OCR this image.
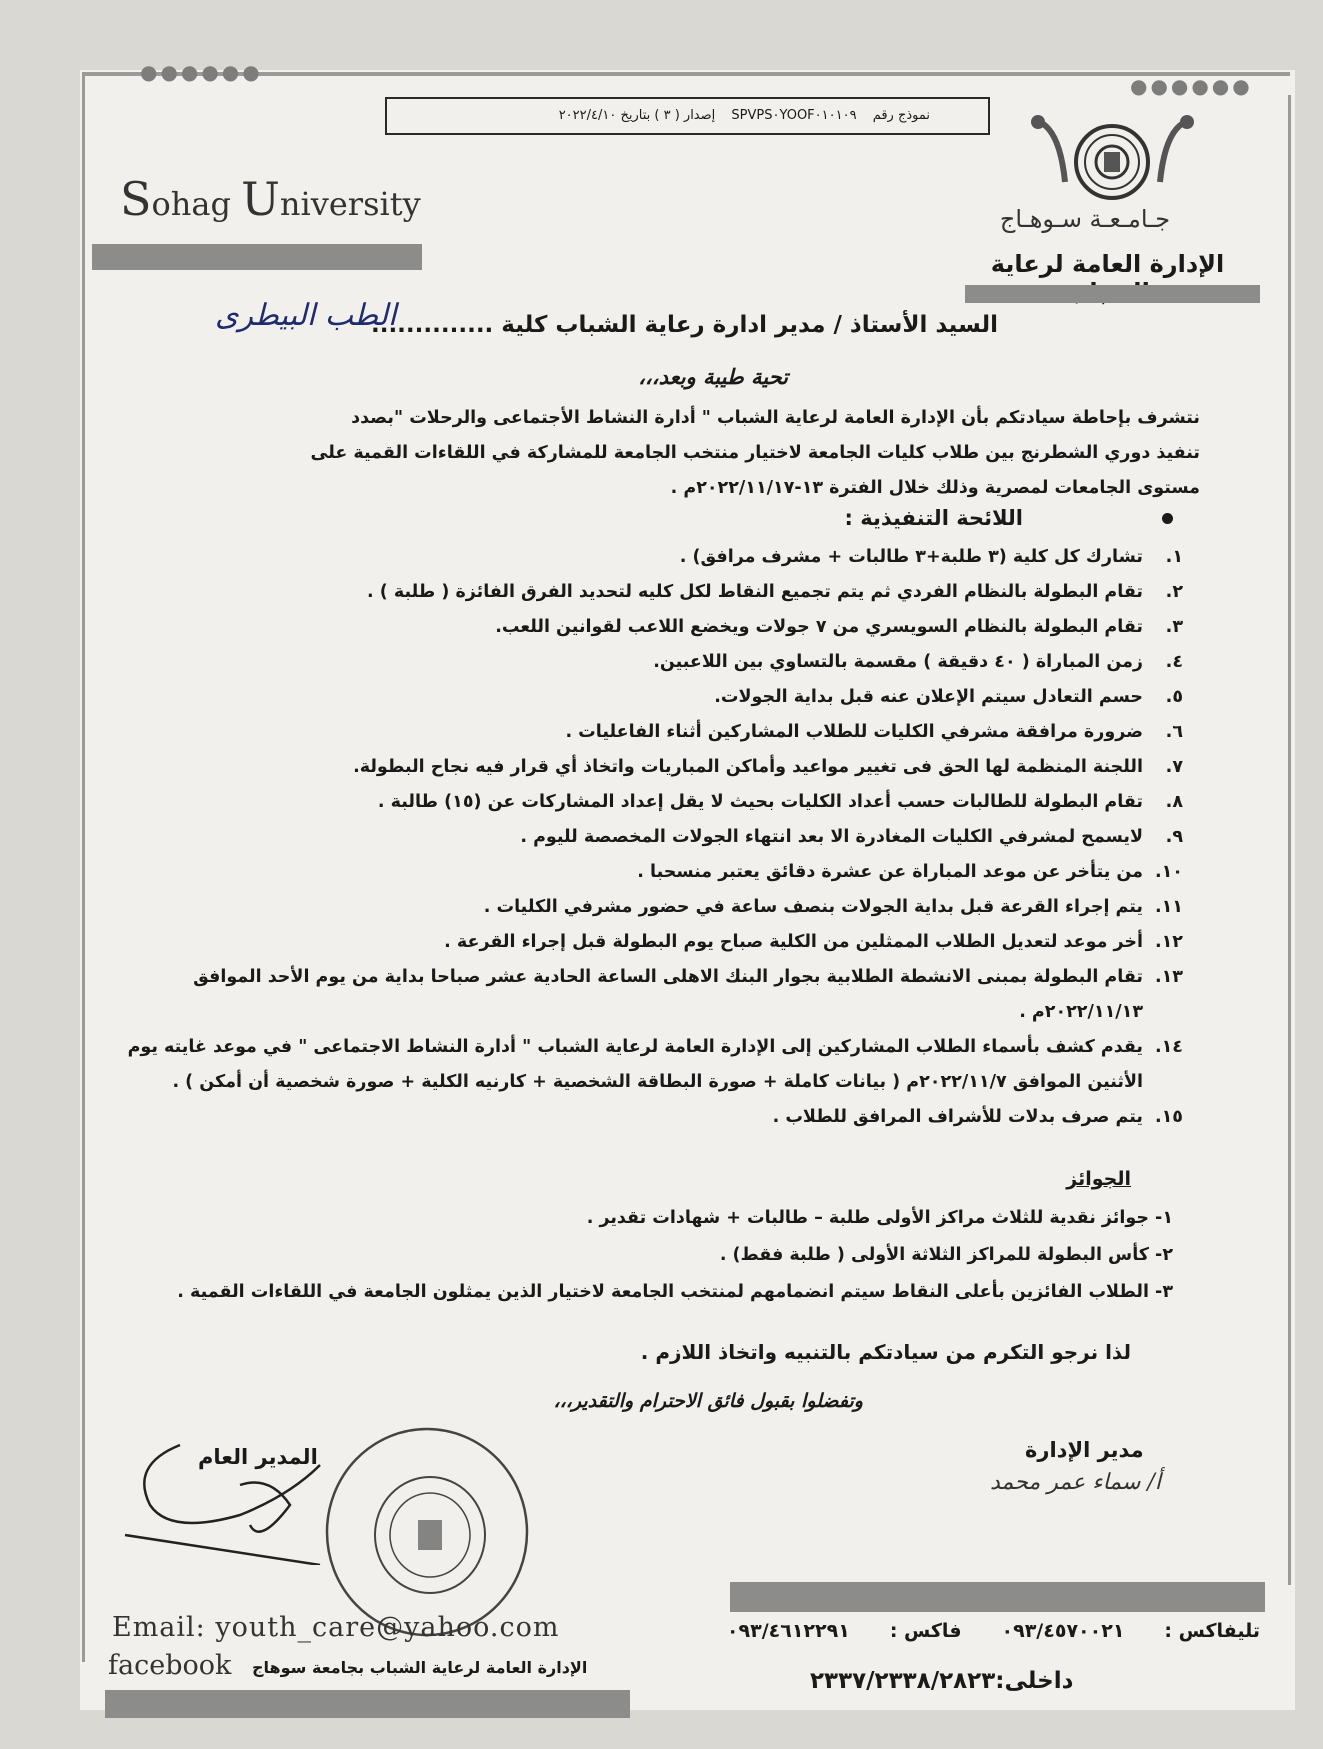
●●●●●●
●●●●●●
نموذج رقم SPVPS٠YOOF٠١٠١٠٩ إصدار ( ٣ ) بتاريخ ٢٠٢٢/٤/١٠
Sohag University	جـامـعـة سـوهـاج
الإدارة العامة لرعاية
الطب البيطرى
السيد الأستاذ / مدير ادارة رعاية الشباب كلية ..............
تحية طيبة وبعد،،،
نتشرف بإحاطة سيادتكم بأن الإدارة العامة لرعاية الشباب " أدارة النشاط الأجتماعى والرحلات "بصدد
تنفيذ دوري الشطرنج بين طلاب كليات الجامعة لاختيار منتخب الجامعة للمشاركة في اللقاءات القمية على
مستوى الجامعات لمصرية وذلك خلال الفترة ١٣-٢٠٢٢/١١/١٧م .
اللائحة التنفيذية :
١.
تشارك كل كلية (٣ طلبة+٣ طالبات + مشرف مرافق) .
٢.
تقام البطولة بالنظام الفردي ثم يتم تجميع النقاط لكل كليه لتحديد الفرق الفائزة ( طلبة ) .
٣.
تقام البطولة بالنظام السويسري من ٧ جولات ويخضع اللاعب لقوانين اللعب.
٤.
زمن المباراة ( ٤٠ دقيقة ) مقسمة بالتساوي بين اللاعبين.
٥.
حسم التعادل سيتم الإعلان عنه قبل بداية الجولات.
٦.
ضرورة مرافقة مشرفي الكليات للطلاب المشاركين أثناء الفاعليات .
٧.
اللجنة المنظمة لها الحق فى تغيير مواعيد وأماكن المباريات واتخاذ أي قرار فيه نجاح البطولة.
٨.
تقام البطولة للطالبات حسب أعداد الكليات بحيث لا يقل إعداد المشاركات عن (١٥) طالبة .
٩.
لايسمح لمشرفي الكليات المغادرة الا بعد انتهاء الجولات المخصصة لليوم .
١٠.
من يتأخر عن موعد المباراة عن عشرة دقائق يعتبر منسحبا .
١١.
يتم إجراء القرعة قبل بداية الجولات بنصف ساعة في حضور مشرفي الكليات .
١٢.
أخر موعد لتعديل الطلاب الممثلين من الكلية صباح يوم البطولة قبل إجراء القرعة .
١٣.
تقام البطولة بمبنى الانشطة الطلابية بجوار البنك الاهلى الساعة الحادية عشر صباحا بداية من يوم الأحد الموافق ٢٠٢٢/١١/١٣م .
١٤.
يقدم كشف بأسماء الطلاب المشاركين إلى الإدارة العامة لرعاية الشباب " أدارة النشاط الاجتماعى " في موعد غايته يوم الأثنين الموافق ٢٠٢٢/١١/٧م ( بيانات كاملة + صورة البطاقة الشخصية + كارنيه الكلية + صورة شخصية أن أمكن ) .
١٥.
يتم صرف بدلات للأشراف المرافق للطلاب .
الجوائز
١- جوائز نقدية للثلاث مراكز الأولى طلبة – طالبات + شهادات تقدير .
٢- كأس البطولة للمراكز الثلاثة الأولى ( طلبة فقط) .
٣- الطلاب الفائزين بأعلى النقاط سيتم انضمامهم لمنتخب الجامعة لاختيار الذين يمثلون الجامعة في اللقاءات القمية .
لذا نرجو التكرم من سيادتكم بالتنبيه واتخاذ اللازم .
وتفضلوا بقبول فائق الاحترام والتقدير،،،
مدير الإدارة
أ/ سماء عمر محمد
المدير العام
تليفاكس :٠٩٣/٤٥٧٠٠٢١فاكس :٠٩٣/٤٦١٢٢٩١
داخلى:٢٣٣٧/٢٣٣٨/٢٨٢٣
Email: youth_care@yahoo.com
facebook الإدارة العامة لرعاية الشباب بجامعة سوهاج
